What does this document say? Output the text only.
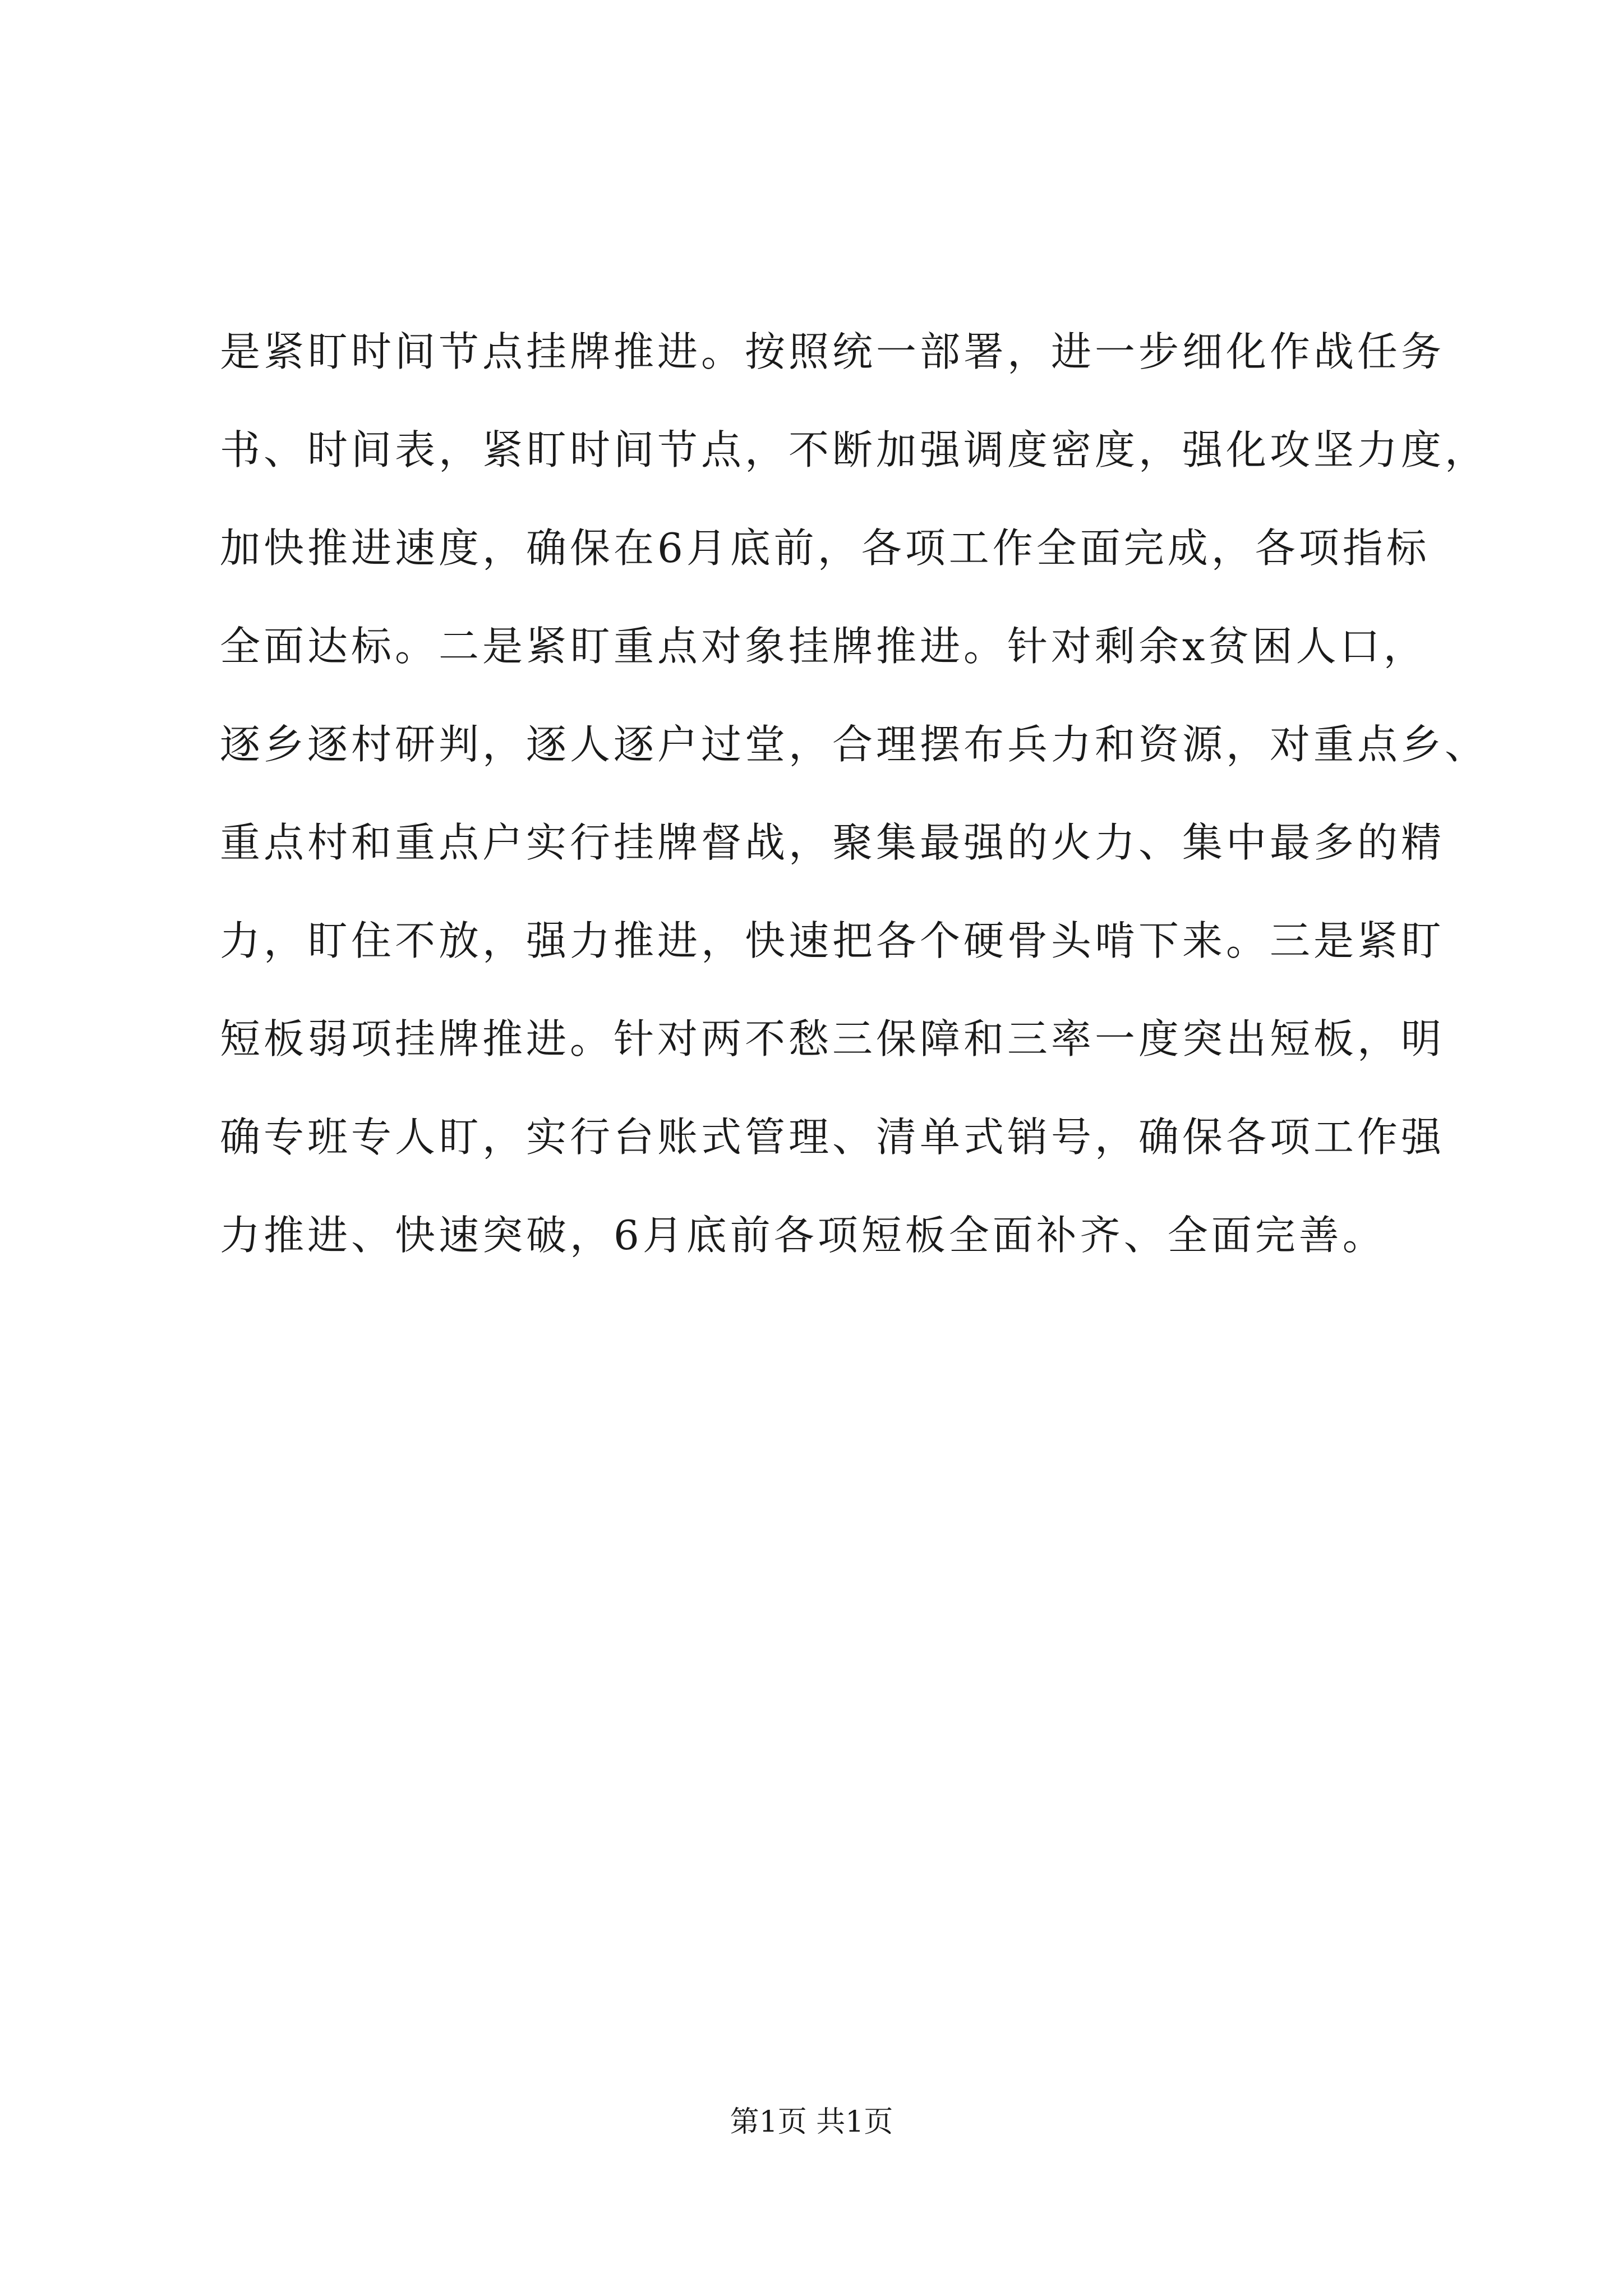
是紧盯时间节点挂牌推进。按照统一部署，进一步细化作战任务
书、时间表，紧盯时间节点，不断加强调度密度，强化攻坚力度，
加快推进速度，确保在6月底前，各项工作全面完成，各项指标
全面达标。二是紧盯重点对象挂牌推进。针对剩余x贫困人口，
逐乡逐村研判，逐人逐户过堂，合理摆布兵力和资源，对重点乡、
重点村和重点户实行挂牌督战，聚集最强的火力、集中最多的精
力，盯住不放，强力推进，快速把各个硬骨头啃下来。三是紧盯
短板弱项挂牌推进。针对两不愁三保障和三率一度突出短板，明
确专班专人盯，实行台账式管理、清单式销号，确保各项工作强
力推进、快速突破，6月底前各项短板全面补齐、全面完善。
第1页 共1页
